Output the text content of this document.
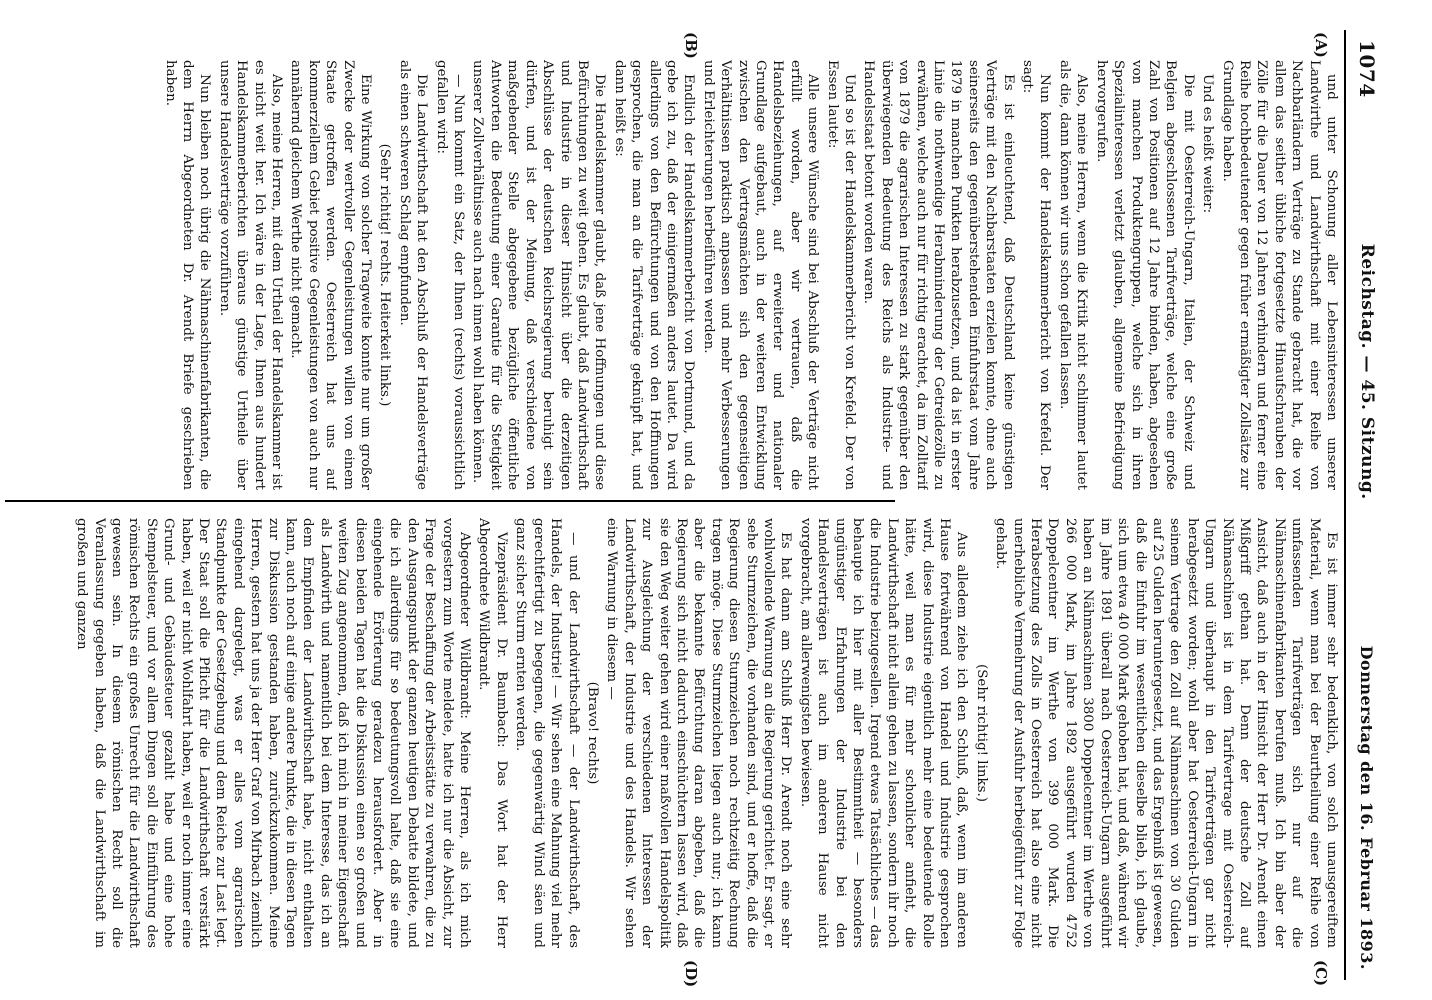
1074
Reichstag. — 45. Sitzung.
Donnerstag den 16. Februar 1893.
(A)
(B)
(C)
(D)

und unter Schonung aller Lebensinteressen unserer Landwirthe und Landwirthschaft mit einer Reihe von Nachbarländern Verträge zu Stande gebracht hat, die vor allem das seither übliche fortgesetzte Hinaufschrauben der Zölle für die Dauer von 12 Jahren verhindern und ferner eine Reihe hochbedeutender gegen früher ermäßigter Zollsätze zur Grundlage haben.

Und es heißt weiter:

Die mit Oesterreich-Ungarn, Italien, der Schweiz und Belgien abgeschlossenen Tarifverträge, welche eine große Zahl von Positionen auf 12 Jahre binden, haben, abgesehen von manchen Produktengruppen, welche sich in ihren Spezialinteressen verletzt glauben, allgemeine Befriedigung hervorgerufen.

Also, meine Herren, wenn die Kritik nicht schlimmer lautet als die, dann können wir uns schon gefallen lassen.

Nun kommt der Handelskammerbericht von Krefeld. Der sagt:

Es ist einleuchtend, daß Deutschland keine günstigen Verträge mit den Nachbarstaaten erzielen konnte, ohne auch seinerseits den gegenüberstehenden Einfuhrstaat vom Jahre 1879 in manchen Punkten herabzusetzen, und da ist in erster Linie die nothwendige Herabminderung der Getreidezölle zu erwähnen, welche auch nur für richtig erachtet, da im Zolltarif von 1879 die agrarischen Interessen zu stark gegenüber den überwiegenden Bedeutung des Reichs als Industrie- und Handelsstaat betont worden waren.

Und so ist der Handelskammerbericht von Krefeld. Der von Essen lautet:

Alle unsere Wünsche sind bei Abschluß der Verträge nicht erfüllt worden, aber wir vertrauen, daß die Handelsbeziehungen, auf erweiterter und nationaler Grundlage aufgebaut, auch in der weiteren Entwicklung zwischen den Vertragsmächten sich den gegenseitigen Verhältnissen praktisch anpassen und mehr Verbesserungen und Erleichterungen herbeiführen werden.

Endlich der Handelskammerbericht von Dortmund, und da gebe ich zu, daß der einigermaßen anders lautet. Da wird allerdings von den Befürchtungen und von den Hoffnungen gesprochen, die man an die Tarifverträge geknüpft hat, und dann heißt es:

Die Handelskammer glaubt, daß jene Hoffnungen und diese Befürchtungen zu weit gehen. Es glaubt, daß Landwirthschaft und Industrie in dieser Hinsicht über die derzeitigen Abschlüsse der deutschen Reichsregierung beruhigt sein dürfen, und ist der Meinung, daß verschiedene von maßgebender Stelle abgegebene bezügliche öffentliche Antworten die Bedeutung einer Garantie für die Stetigkeit unserer Zollverhältnisse auch nach innen wohl haben können.

— Nun kommt ein Satz, der Ihnen (rechts) voraussichtlich gefallen wird:

Die Landwirthschaft hat den Abschluß der Handelsverträge als einen schweren Schlag empfunden.

(Sehr richtig! rechts. Heiterkeit links.)

Eine Wirkung von solcher Tragweite konnte nur um großer Zwecke oder wertvoller Gegenleistungen willen von einem Staate getroffen werden. Oesterreich hat uns auf kommerziellem Gebiet positive Gegenleistungen von auch nur annähernd gleichem Werthe nicht gemacht.

Also, meine Herren, mit dem Urtheil der Handelskammer ist es nicht weit her. Ich wäre in der Lage, Ihnen aus hundert Handelskammerberichten überaus günstige Urtheile über unsere Handelsverträge vorzuführen.

Nun bleiben noch übrig die Nähmaschinenfabrikanten, die dem Herrn Abgeordneten Dr. Arendt Briefe geschrieben haben.

Es ist immer sehr bedenklich, von solch unausgereiftem Material, wenn man bei der Beurtheilung einer Reihe von umfassenden Tarifverträgen sich nur auf die Nähmaschinenfabrikanten berufen muß. Ich bin aber der Ansicht, daß auch in der Hinsicht der Herr Dr. Arendt einen Mißgriff gethan hat. Denn der deutsche Zoll auf Nähmaschinen ist in dem Tarifvertrage mit Oesterreich-Ungarn und überhaupt in den Tarifverträgen gar nicht herabgesetzt worden; wohl aber hat Oesterreich-Ungarn in seinem Vertrage den Zoll auf Nähmaschinen von 30 Gulden auf 25 Gulden heruntergesetzt, und das Ergebniß ist gewesen, daß die Einfuhr im wesentlichen dieselbe blieb, ich glaube, sich um etwa 40 000 Mark gehoben hat, und daß, während wir im Jahre 1891 überall nach Oesterreich-Ungarn ausgeführt haben an Nähmaschinen 3800 Doppelcentner im Werthe von 266 000 Mark, im Jahre 1892 ausgeführt wurden 4752 Doppelcentner im Werthe von 399 000 Mark. Die Herabsetzung des Zolls in Oesterreich hat also eine nicht unerhebliche Vermehrung der Ausfuhr herbeigeführt zur Folge gehabt.

(Sehr richtig! links.)

Aus alledem ziehe ich den Schluß, daß, wenn im anderen Hause fortwährend von Handel und Industrie gesprochen wird, diese Industrie eigentlich mehr eine bedeutende Rolle hätte, weil man es für mehr schonlicher anfieht, die Landwirthschaft nicht allein gehen zu lassen, sondern ihr noch die Industrie beizugesellen. Irgend etwas Tatsächliches — das behaupte ich hier mit aller Bestimmtheit — besonders ungünstiger Erfahrungen der Industrie bei den Handelsverträgen ist auch im anderen Hause nicht vorgebracht, am allerwenigsten bewiesen.

Es hat dann am Schluß Herr Dr. Arendt noch eine sehr wohlwollende Warnung an die Regierung gerichtet. Er sagt, er sehe Sturmzeichen, die vorhanden sind, und er hoffe, daß die Regierung diesen Sturmzeichen noch rechtzeitig Rechnung tragen möge. Diese Sturmzeichen liegen auch nur; ich kann aber die bekannte Befürchtung daran abgeben, daß die Regierung sich nicht dadurch einschüchtern lassen wird, daß sie den Weg weiter gehen wird einer maßvollen Handelspolitik zur Ausgleichung der verschiedenen Interessen der Landwirthschaft, der Industrie und des Handels. Wir sehen eine Warnung in diesem —

(Bravo! rechts)

— und der Landwirthschaft — der Landwirthschaft, des Handels, der Industrie! — Wir sehen eine Mahnung viel mehr gerechtfertigt zu begegnen, die gegenwärtig Wind säen und ganz sicher Sturm ernten werden.

Vizepräsident Dr. Baumbach: Das Wort hat der Herr Abgeordnete Wildbrandt.

Abgeordneter Wildbrandt: Meine Herren, als ich mich vorgestern zum Worte meldete, hatte ich nur die Absicht, zur Frage der Beschaffung der Arbeitsstätte zu verwahren, die zu den Ausgangspunkt der ganzen heutigen Debatte bildete, und die ich allerdings für so bedeutungsvoll halte, daß sie eine eingehende Erörterung geradezu herausfordert. Aber in diesen beiden Tagen hat die Diskussion einen so großen und weiten Zug angenommen, daß ich mich in meiner Eigenschaft als Landwirth und namentlich bei dem Interesse, das ich an dem Empfinden der Landwirthschaft habe, nicht enthalten kann, auch noch auf einige andere Punkte, die in diesen Tagen zur Diskussion gestanden haben, zurückzukommen. Meine Herren, gestern hat uns ja der Herr Graf von Mirbach ziemlich eingehend dargelegt, was er alles vom agrarischen Standpunkte der Gesetzgebung und dem Reiche zur Last legt. Der Staat soll die Pflicht für die Landwirthschaft verstärkt haben, weil er nicht Wohlfahrt haben, weil er noch immer eine Grund- und Gebäudesteuer gezahlt habe und eine hohe Stempelsteuer, und vor allem Dingen soll die Einführung des römischen Rechts ein großes Unrecht für die Landwirthschaft gewesen sein. In diesem römischen Recht soll die Veranlassung gegeben haben, daß die Landwirthschaft im großen und ganzen
